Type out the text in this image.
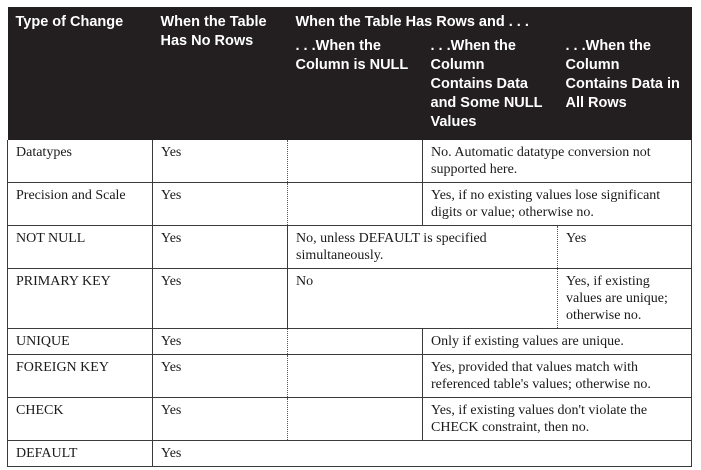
Type of Change	When the Table Has No Rows	When the Table Has Rows and . . .		
		. . .When the Column is NULL	. . .When the Column Contains Data and Some NULL Values	. . .When the Column Contains Data in All Rows
Datatypes	Yes		No. Automatic datatype conversion not supported here.	
Precision and Scale	Yes		Yes, if no existing values lose significant digits or value; otherwise no.	
NOT NULL	Yes	No, unless DEFAULT is specified simultaneously.		Yes
PRIMARY KEY	Yes	No		Yes, if existing values are unique; otherwise no.
UNIQUE	Yes		Only if existing values are unique.	
FOREIGN KEY	Yes		Yes, provided that values match with referenced table's values; otherwise no.	
CHECK	Yes		Yes, if existing values don't violate the CHECK constraint, then no.	
DEFAULT	Yes			
